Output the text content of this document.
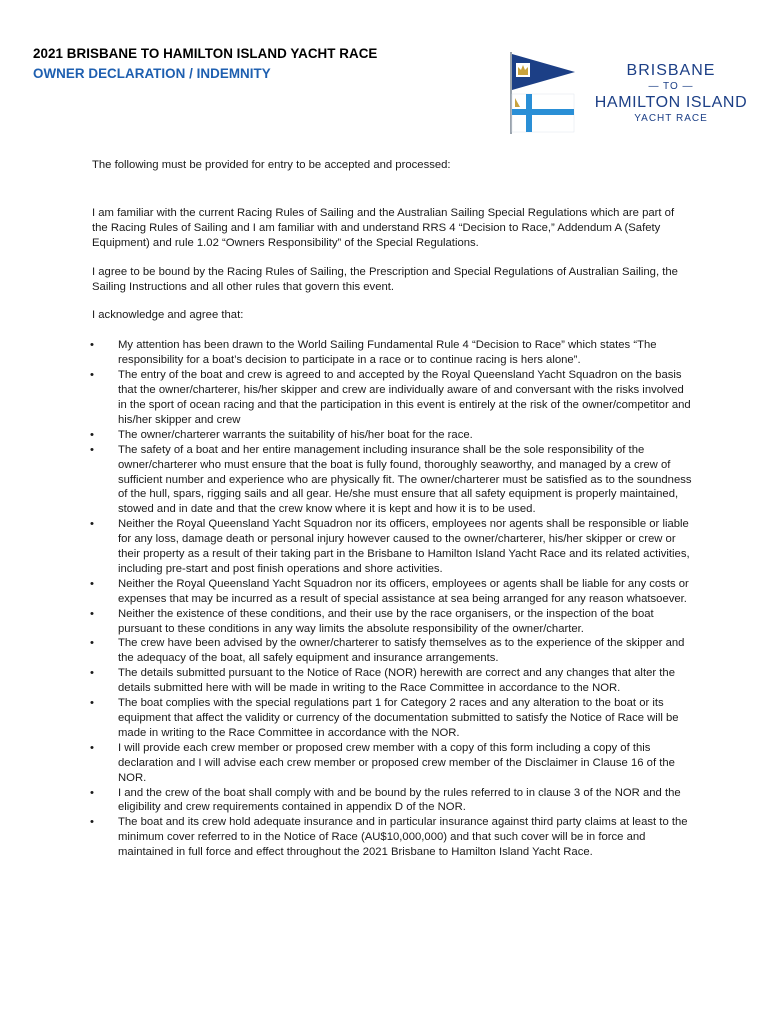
2021 BRISBANE TO HAMILTON ISLAND YACHT RACE
OWNER DECLARATION / INDEMNITY	BRISBANE
— TO —
HAMILTON ISLAND
YACHT RACE

The following must be provided for entry to be accepted and processed:

I am familiar with the current Racing Rules of Sailing and the Australian Sailing Special Regulations which are part of the Racing Rules of Sailing and I am familiar with and understand RRS 4 “Decision to Race,” Addendum A (Safety Equipment) and rule 1.02 “Owners Responsibility” of the Special Regulations.

I agree to be bound by the Racing Rules of Sailing, the Prescription and Special Regulations of Australian Sailing, the Sailing Instructions and all other rules that govern this event.

I acknowledge and agree that:

• My attention has been drawn to the World Sailing Fundamental Rule 4 “Decision to Race” which states “The responsibility for a boat’s decision to participate in a race or to continue racing is hers alone”.
• The entry of the boat and crew is agreed to and accepted by the Royal Queensland Yacht Squadron on the basis that the owner/charterer, his/her skipper and crew are individually aware of and conversant with the risks involved in the sport of ocean racing and that the participation in this event is entirely at the risk of the owner/competitor and his/her skipper and crew
• The owner/charterer warrants the suitability of his/her boat for the race.
• The safety of a boat and her entire management including insurance shall be the sole responsibility of the owner/charterer who must ensure that the boat is fully found, thoroughly seaworthy, and managed by a crew of sufficient number and experience who are physically fit. The owner/charterer must be satisfied as to the soundness of the hull, spars, rigging sails and all gear. He/she must ensure that all safety equipment is properly maintained, stowed and in date and that the crew know where it is kept and how it is to be used.
• Neither the Royal Queensland Yacht Squadron nor its officers, employees nor agents shall be responsible or liable for any loss, damage death or personal injury however caused to the owner/charterer, his/her skipper or crew or their property as a result of their taking part in the Brisbane to Hamilton Island Yacht Race and its related activities, including pre-start and post finish operations and shore activities.
• Neither the Royal Queensland Yacht Squadron nor its officers, employees or agents shall be liable for any costs or expenses that may be incurred as a result of special assistance at sea being arranged for any reason whatsoever.
• Neither the existence of these conditions, and their use by the race organisers, or the inspection of the boat pursuant to these conditions in any way limits the absolute responsibility of the owner/charter.
• The crew have been advised by the owner/charterer to satisfy themselves as to the experience of the skipper and the adequacy of the boat, all safely equipment and insurance arrangements.
• The details submitted pursuant to the Notice of Race (NOR) herewith are correct and any changes that alter the details submitted here with will be made in writing to the Race Committee in accordance to the NOR.
• The boat complies with the special regulations part 1 for Category 2 races and any alteration to the boat or its equipment that affect the validity or currency of the documentation submitted to satisfy the Notice of Race will be made in writing to the Race Committee in accordance with the NOR.
• I will provide each crew member or proposed crew member with a copy of this form including a copy of this declaration and I will advise each crew member or proposed crew member of the Disclaimer in Clause 16 of the NOR.
• I and the crew of the boat shall comply with and be bound by the rules referred to in clause 3 of the NOR and the eligibility and crew requirements contained in appendix D of the NOR.
• The boat and its crew hold adequate insurance and in particular insurance against third party claims at least to the minimum cover referred to in the Notice of Race (AU$10,000,000) and that such cover will be in force and maintained in full force and effect throughout the 2021 Brisbane to Hamilton Island Yacht Race.
